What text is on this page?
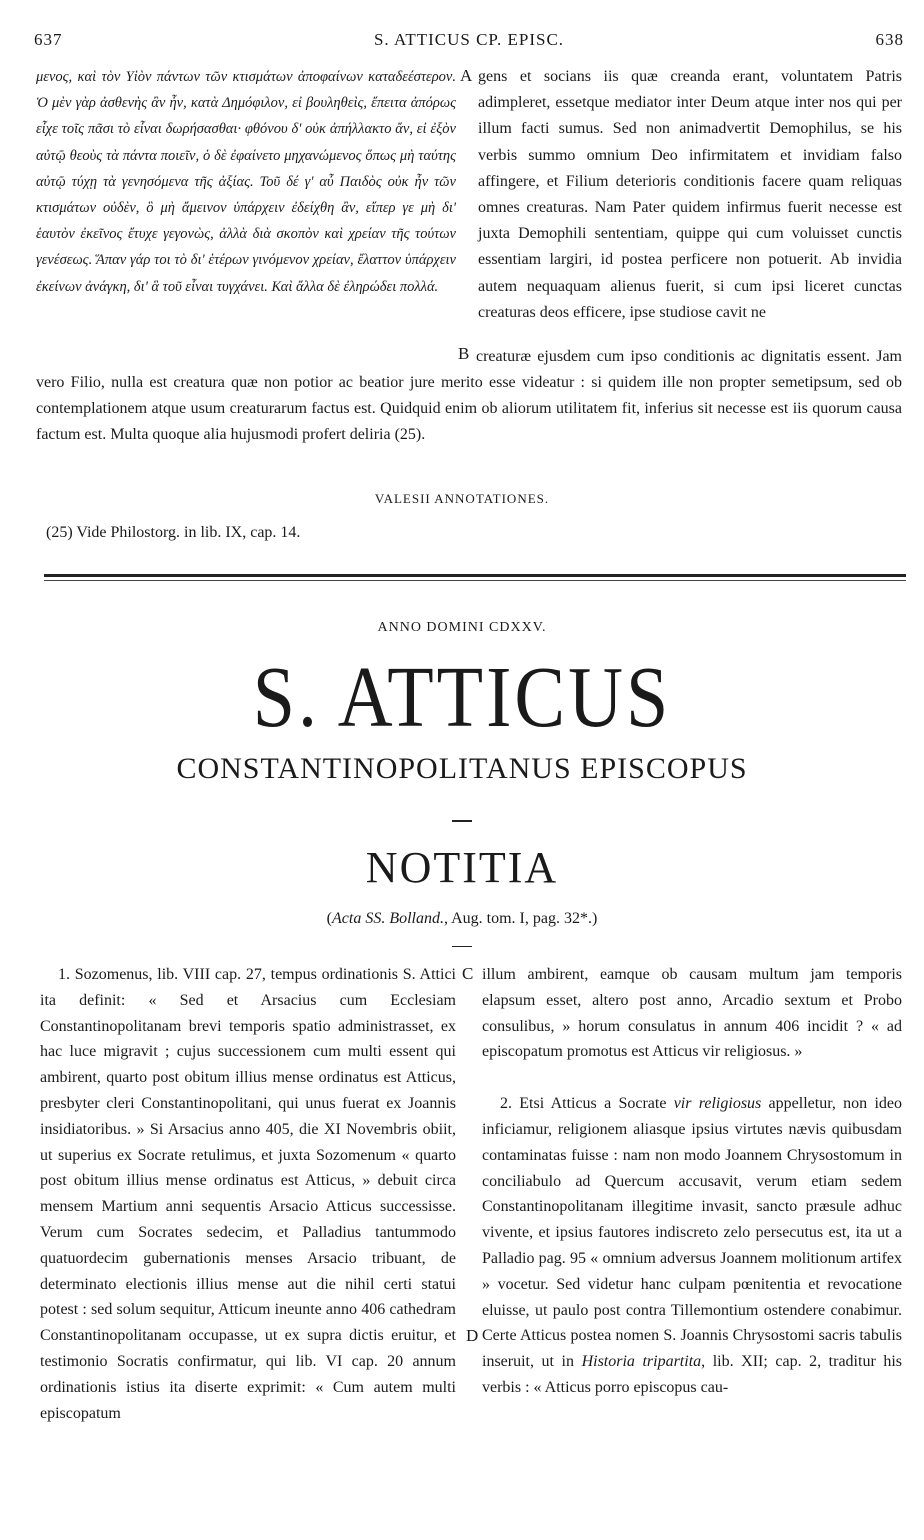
637	S. ATTICUS CP. EPISC.	638
μενος, καὶ τὸν Υἱὸν πάντων τῶν κτισμάτων ἀποφαίνων καταδεέστερον. Ὁ μὲν γὰρ ἀσθενὴς ἂν ἦν, κατὰ Δημόφιλον, εἰ βουληθεὶς, ἔπειτα ἀπόρως εἶχε τοῖς πᾶσι τὸ εἶναι δωρήσασθαι· φθόνου δ' οὐκ ἀπήλλακτο ἄν, εἰ ἐξὸν αὐτῷ θεοὺς τὰ πάντα ποιεῖν, ὁ δὲ ἐφαίνετο μηχανώμενος ὅπως μὴ ταύτης αὐτῷ τύχῃ τὰ γενησόμενα τῆς ἀξίας. Τοῦ δέ γ' αὖ Παιδὸς οὐκ ἦν τῶν κτισμάτων οὐδὲν, ὃ μὴ ἄμεινον ὑπάρχειν ἐδείχθη ἂν, εἴπερ γε μὴ δι' ἑαυτὸν ἐκεῖνος ἔτυχε γεγονὼς, ἀλλὰ διὰ σκοπὸν καὶ χρείαν τῆς τούτων γενέσεως. Ἅπαν γάρ τοι τὸ δι' ἑτέρων γινόμενον χρείαν, ἔλαττον ὑπάρχειν ἐκείνων ἀνάγκη, δι' ἃ τοῦ εἶναι τυγχάνει. Καὶ ἄλλα δὲ ἐληρώδει πολλά.
A gens et socians iis quæ creanda erant, voluntatem Patris adimpleret, essetque mediator inter Deum atque inter nos qui per illum facti sumus. Sed non animadvertit Demophilus, se his verbis summo omnium Deo infirmitatem et invidiam falso affingere, et Filium deterioris conditionis facere quam reliquas omnes creaturas. Nam Pater quidem infirmus fuerit necesse est juxta Demophili sententiam, quippe qui cum voluisset cunctis essentiam largiri, id postea perficere non potuerit. Ab invidia autem nequaquam alienus fuerit, si cum ipsi liceret cunctas creaturas deos efficere, ipse studiose cavit ne
B creaturæ ejusdem cum ipso conditionis ac dignitatis essent. Jam vero Filio, nulla est creatura quæ non potior ac beatior jure merito esse videatur : si quidem ille non propter semetipsum, sed ob contemplationem atque usum creaturarum factus est. Quidquid enim ob aliorum utilitatem fit, inferius sit necesse est iis quorum causa factum est. Multa quoque alia hujusmodi profert deliria (25).
VALESII ANNOTATIONES.
(25) Vide Philostorg. in lib. IX, cap. 14.
ANNO DOMINI CDXXV.
S. ATTICUS
CONSTANTINOPOLITANUS EPISCOPUS
NOTITIA
(Acta SS. Bolland., Aug. tom. I, pag. 32*.)
1. Sozomenus, lib. VIII cap. 27, tempus ordinationis S. Attici ita definit: « Sed et Arsacius cum Ecclesiam Constantinopolitanam brevi temporis spatio administrasset, ex hac luce migravit ; cujus successionem cum multi essent qui ambirent, quarto post obitum illius mense ordinatus est Atticus, presbyter cleri Constantinopolitani, qui unus fuerat ex Joannis insidiatoribus. » Si Arsacius anno 405, die XI Novembris obiit, ut superius ex Socrate retulimus, et juxta Sozomenum « quarto post obitum illius mense ordinatus est Atticus, » debuit circa mensem Martium anni sequentis Arsacio Atticus successisse. Verum cum Socrates sedecim, et Palladius tantummodo quatuordecim gubernationis menses Arsacio tribuant, de determinato electionis illius mense aut die nihil certi statui potest : sed solum sequitur, Atticum ineunte anno 406 cathedram Constantinopolitanam occupasse, ut ex supra dictis eruitur, et testimonio Socratis confirmatur, qui lib. VI cap. 20 annum ordinationis istius ita diserte exprimit: « Cum autem multi episcopatum
C
D
illum ambirent, eamque ob causam multum jam temporis elapsum esset, altero post anno, Arcadio sextum et Probo consulibus, » horum consulatus in annum 406 incidit ? « ad episcopatum promotus est Atticus vir religiosus. »
2. Etsi Atticus a Socrate vir religiosus appelletur, non ideo inficiamur, religionem aliasque ipsius virtutes nævis quibusdam contaminatas fuisse : nam non modo Joannem Chrysostomum in conciliabulo ad Quercum accusavit, verum etiam sedem Constantinopolitanam illegitime invasit, sancto præsule adhuc vivente, et ipsius fautores indiscreto zelo persecutus est, ita ut a Palladio pag. 95 « omnium adversus Joannem molitionum artifex » vocetur. Sed videtur hanc culpam pœnitentia et revocatione eluisse, ut paulo post contra Tillemontium ostendere conabimur. Certe Atticus postea nomen S. Joannis Chrysostomi sacris tabulis inseruit, ut in Historia tripartita, lib. XII; cap. 2, traditur his verbis : « Atticus porro episcopus cau-
